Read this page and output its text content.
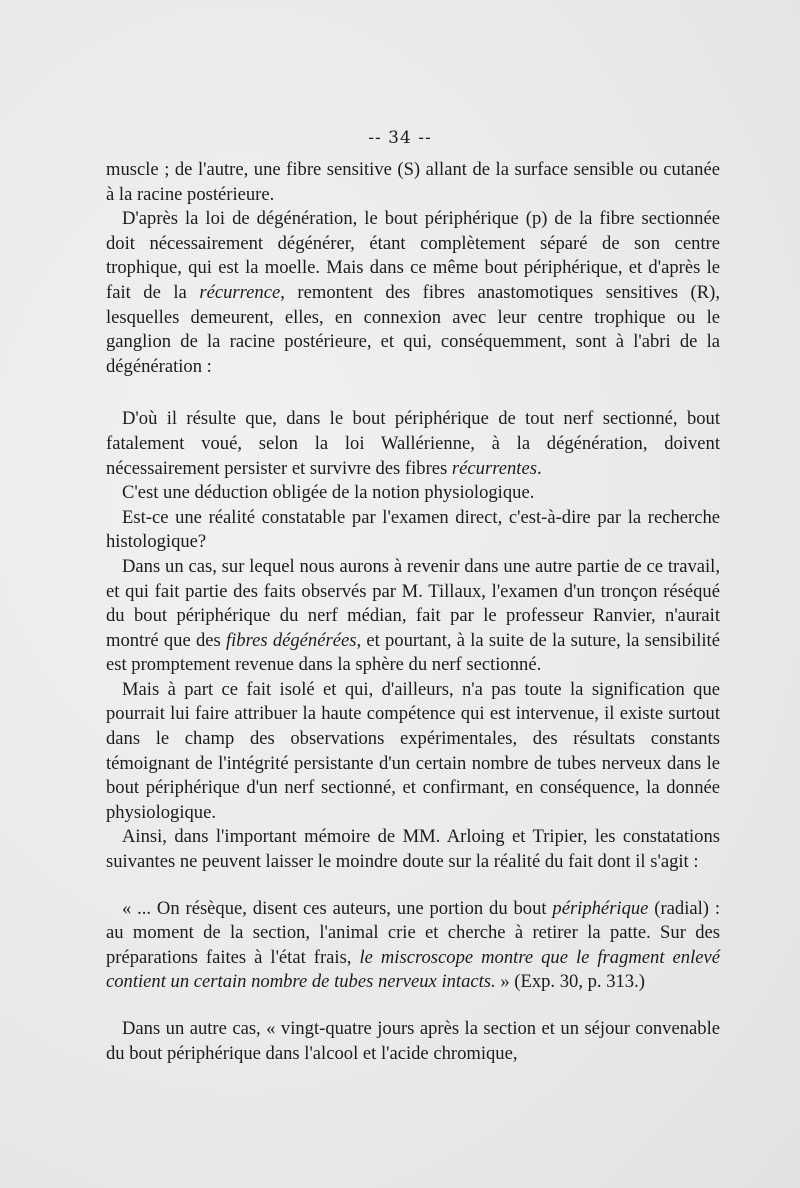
-- 34 --

muscle ; de l'autre, une fibre sensitive (S) allant de la surface sensible ou cutanée à la racine postérieure.

D'après la loi de dégénération, le bout périphérique (p) de la fibre sectionnée doit nécessairement dégénérer, étant complètement séparé de son centre trophique, qui est la moelle. Mais dans ce même bout périphérique, et d'après le fait de la récurrence, remontent des fibres anastomotiques sensitives (R), lesquelles demeurent, elles, en connexion avec leur centre trophique ou le ganglion de la racine postérieure, et qui, conséquemment, sont à l'abri de la dégénération :

D'où il résulte que, dans le bout périphérique de tout nerf sectionné, bout fatalement voué, selon la loi Wallérienne, à la dégénération, doivent nécessairement persister et survivre des fibres récurrentes.

C'est une déduction obligée de la notion physiologique.

Est-ce une réalité constatable par l'examen direct, c'est-à-dire par la recherche histologique?

Dans un cas, sur lequel nous aurons à revenir dans une autre partie de ce travail, et qui fait partie des faits observés par M. Tillaux, l'examen d'un tronçon réséqué du bout périphérique du nerf médian, fait par le professeur Ranvier, n'aurait montré que des fibres dégénérées, et pourtant, à la suite de la suture, la sensibilité est promptement revenue dans la sphère du nerf sectionné.

Mais à part ce fait isolé et qui, d'ailleurs, n'a pas toute la signification que pourrait lui faire attribuer la haute compétence qui est intervenue, il existe surtout dans le champ des observations expérimentales, des résultats constants témoignant de l'intégrité persistante d'un certain nombre de tubes nerveux dans le bout périphérique d'un nerf sectionné, et confirmant, en conséquence, la donnée physiologique.

Ainsi, dans l'important mémoire de MM. Arloing et Tripier, les constatations suivantes ne peuvent laisser le moindre doute sur la réalité du fait dont il s'agit :

« ... On résèque, disent ces auteurs, une portion du bout périphérique (radial) : au moment de la section, l'animal crie et cherche à retirer la patte. Sur des préparations faites à l'état frais, le miscroscope montre que le fragment enlevé contient un certain nombre de tubes nerveux intacts. » (Exp. 30, p. 313.)

Dans un autre cas, « vingt-quatre jours après la section et un séjour convenable du bout périphérique dans l'alcool et l'acide chromique,
